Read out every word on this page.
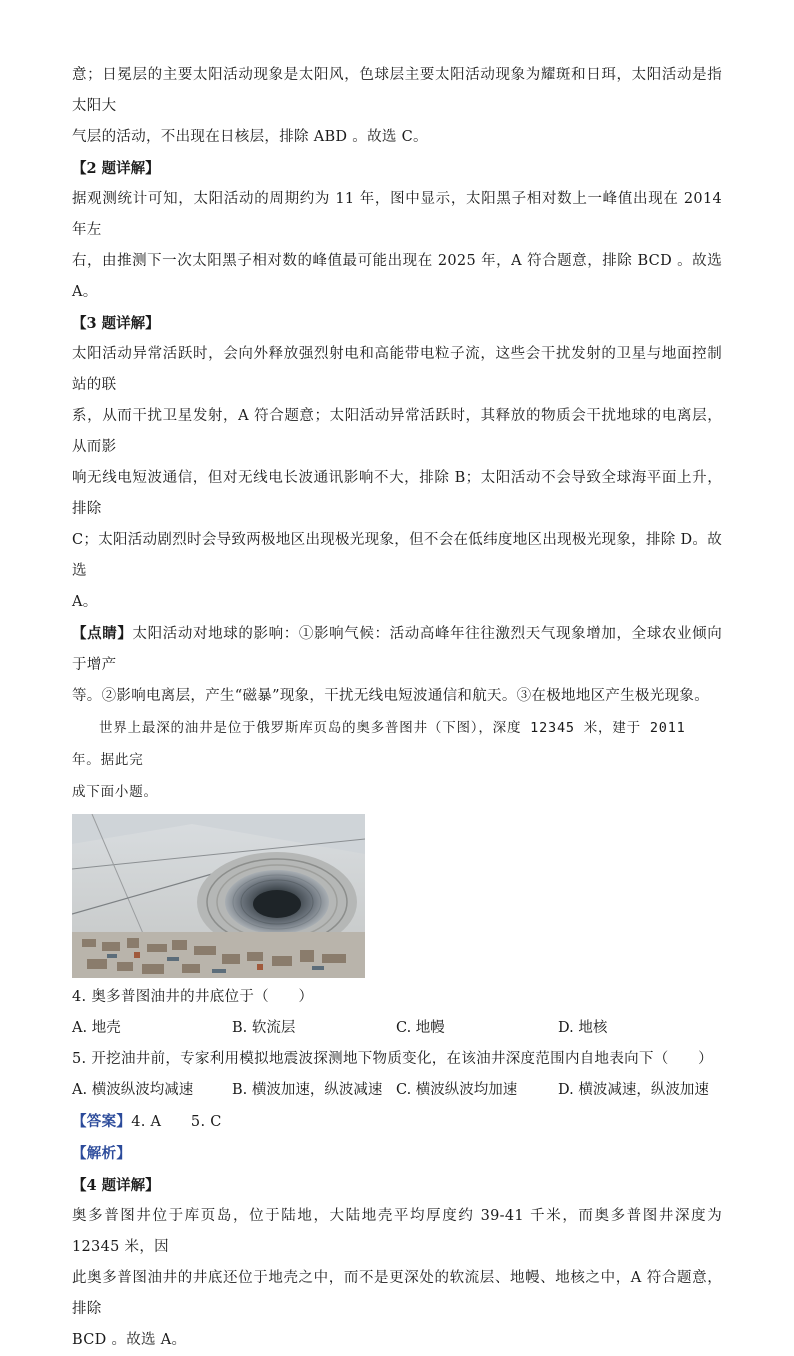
意；日冕层的主要太阳活动现象是太阳风，色球层主要太阳活动现象为耀斑和日珥，太阳活动是指太阳大

气层的活动，不出现在日核层，排除 ABD 。故选 C。

【2 题详解】

据观测统计可知，太阳活动的周期约为 11 年，图中显示，太阳黑子相对数上一峰值出现在 2014 年左

右，由推测下一次太阳黑子相对数的峰值最可能出现在 2025 年，A 符合题意，排除 BCD 。故选 A。

【3 题详解】

太阳活动异常活跃时，会向外释放强烈射电和高能带电粒子流，这些会干扰发射的卫星与地面控制站的联

系，从而干扰卫星发射，A 符合题意；太阳活动异常活跃时，其释放的物质会干扰地球的电离层，从而影

响无线电短波通信，但对无线电长波通讯影响不大，排除 B；太阳活动不会导致全球海平面上升，排除

C；太阳活动剧烈时会导致两极地区出现极光现象，但不会在低纬度地区出现极光现象，排除 D。故选

A。

【点睛】太阳活动对地球的影响：①影响气候：活动高峰年往往激烈天气现象增加，全球农业倾向于增产

等。②影响电离层，产生“磁暴”现象，干扰无线电短波通信和航天。③在极地地区产生极光现象。

世界上最深的油井是位于俄罗斯库页岛的奥多普图井（下图），深度 12345 米，建于 2011 年。据此完

成下面小题。

4. 奥多普图油井的井底位于（　　）

A. 地壳	B. 软流层	C. 地幔	D. 地核

5. 开挖油井前，专家利用模拟地震波探测地下物质变化，在该油井深度范围内自地表向下（　　）

A. 横波纵波均减速	B. 横波加速，纵波减速 C. 横波纵波均加速	D. 横波减速，纵波加速

【答案】4. A　　5. C

【解析】

【4 题详解】

奥多普图井位于库页岛，位于陆地，大陆地壳平均厚度约 39-41 千米，而奥多普图井深度为 12345 米，因

此奥多普图油井的井底还位于地壳之中，而不是更深处的软流层、地幔、地核之中，A 符合题意，排除

BCD 。故选 A。
